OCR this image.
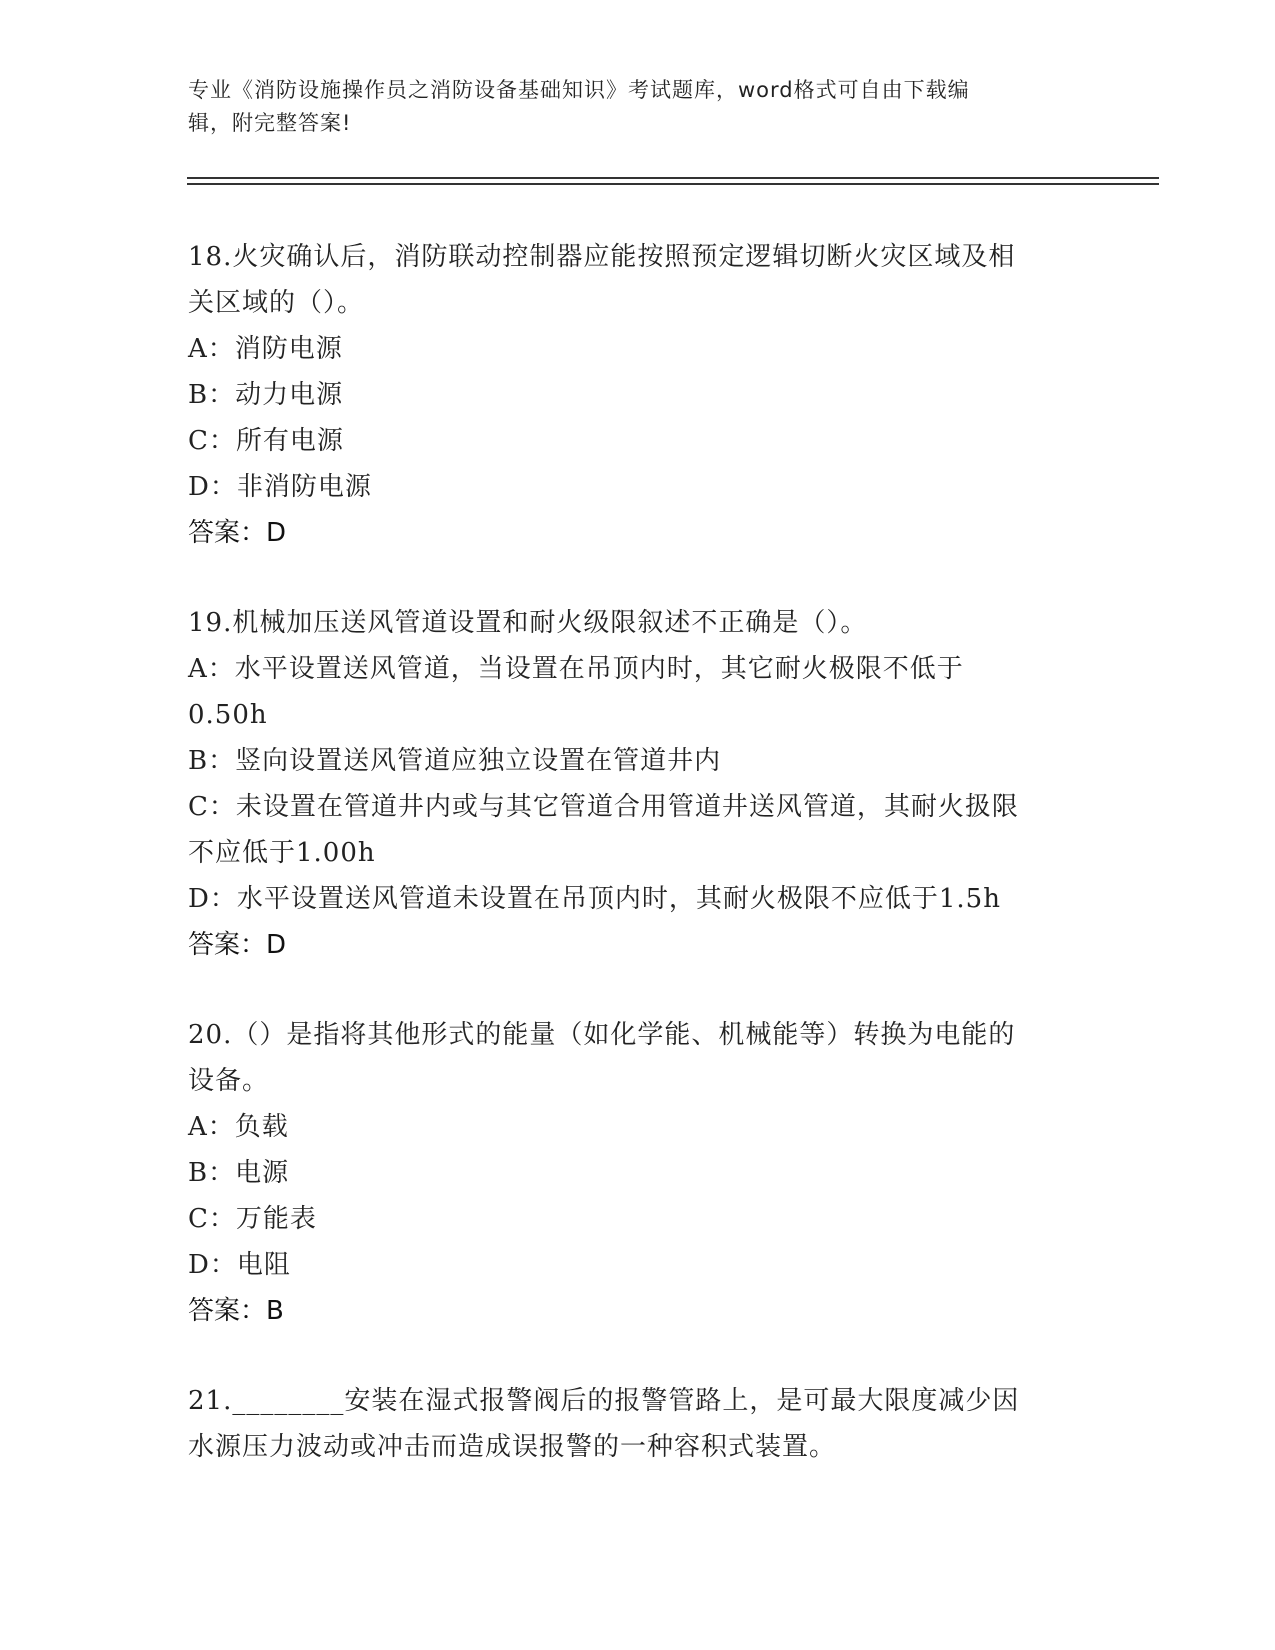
专业《消防设施操作员之消防设备基础知识》考试题库，word格式可自由下载编
辑，附完整答案!
18.火灾确认后，消防联动控制器应能按照预定逻辑切断火灾区域及相
关区域的（）。
A：消防电源
B：动力电源
C：所有电源
D：非消防电源
答案：D
19.机械加压送风管道设置和耐火级限叙述不正确是（）。
A：水平设置送风管道，当设置在吊顶内时，其它耐火极限不低于
0.50h
B：竖向设置送风管道应独立设置在管道井内
C：未设置在管道井内或与其它管道合用管道井送风管道，其耐火扱限
不应低于1.00h
D：水平设置送风管道未设置在吊顶内时，其耐火极限不应低于1.5h
答案：D
20.（）是指将其他形式的能量（如化学能、机械能等）转换为电能的
设备。
A：负载
B：电源
C：万能表
D：电阻
答案：B
21.________安装在湿式报警阀后的报警管路上，是可最大限度减少因
水源压力波动或冲击而造成误报警的一种容积式装置。
